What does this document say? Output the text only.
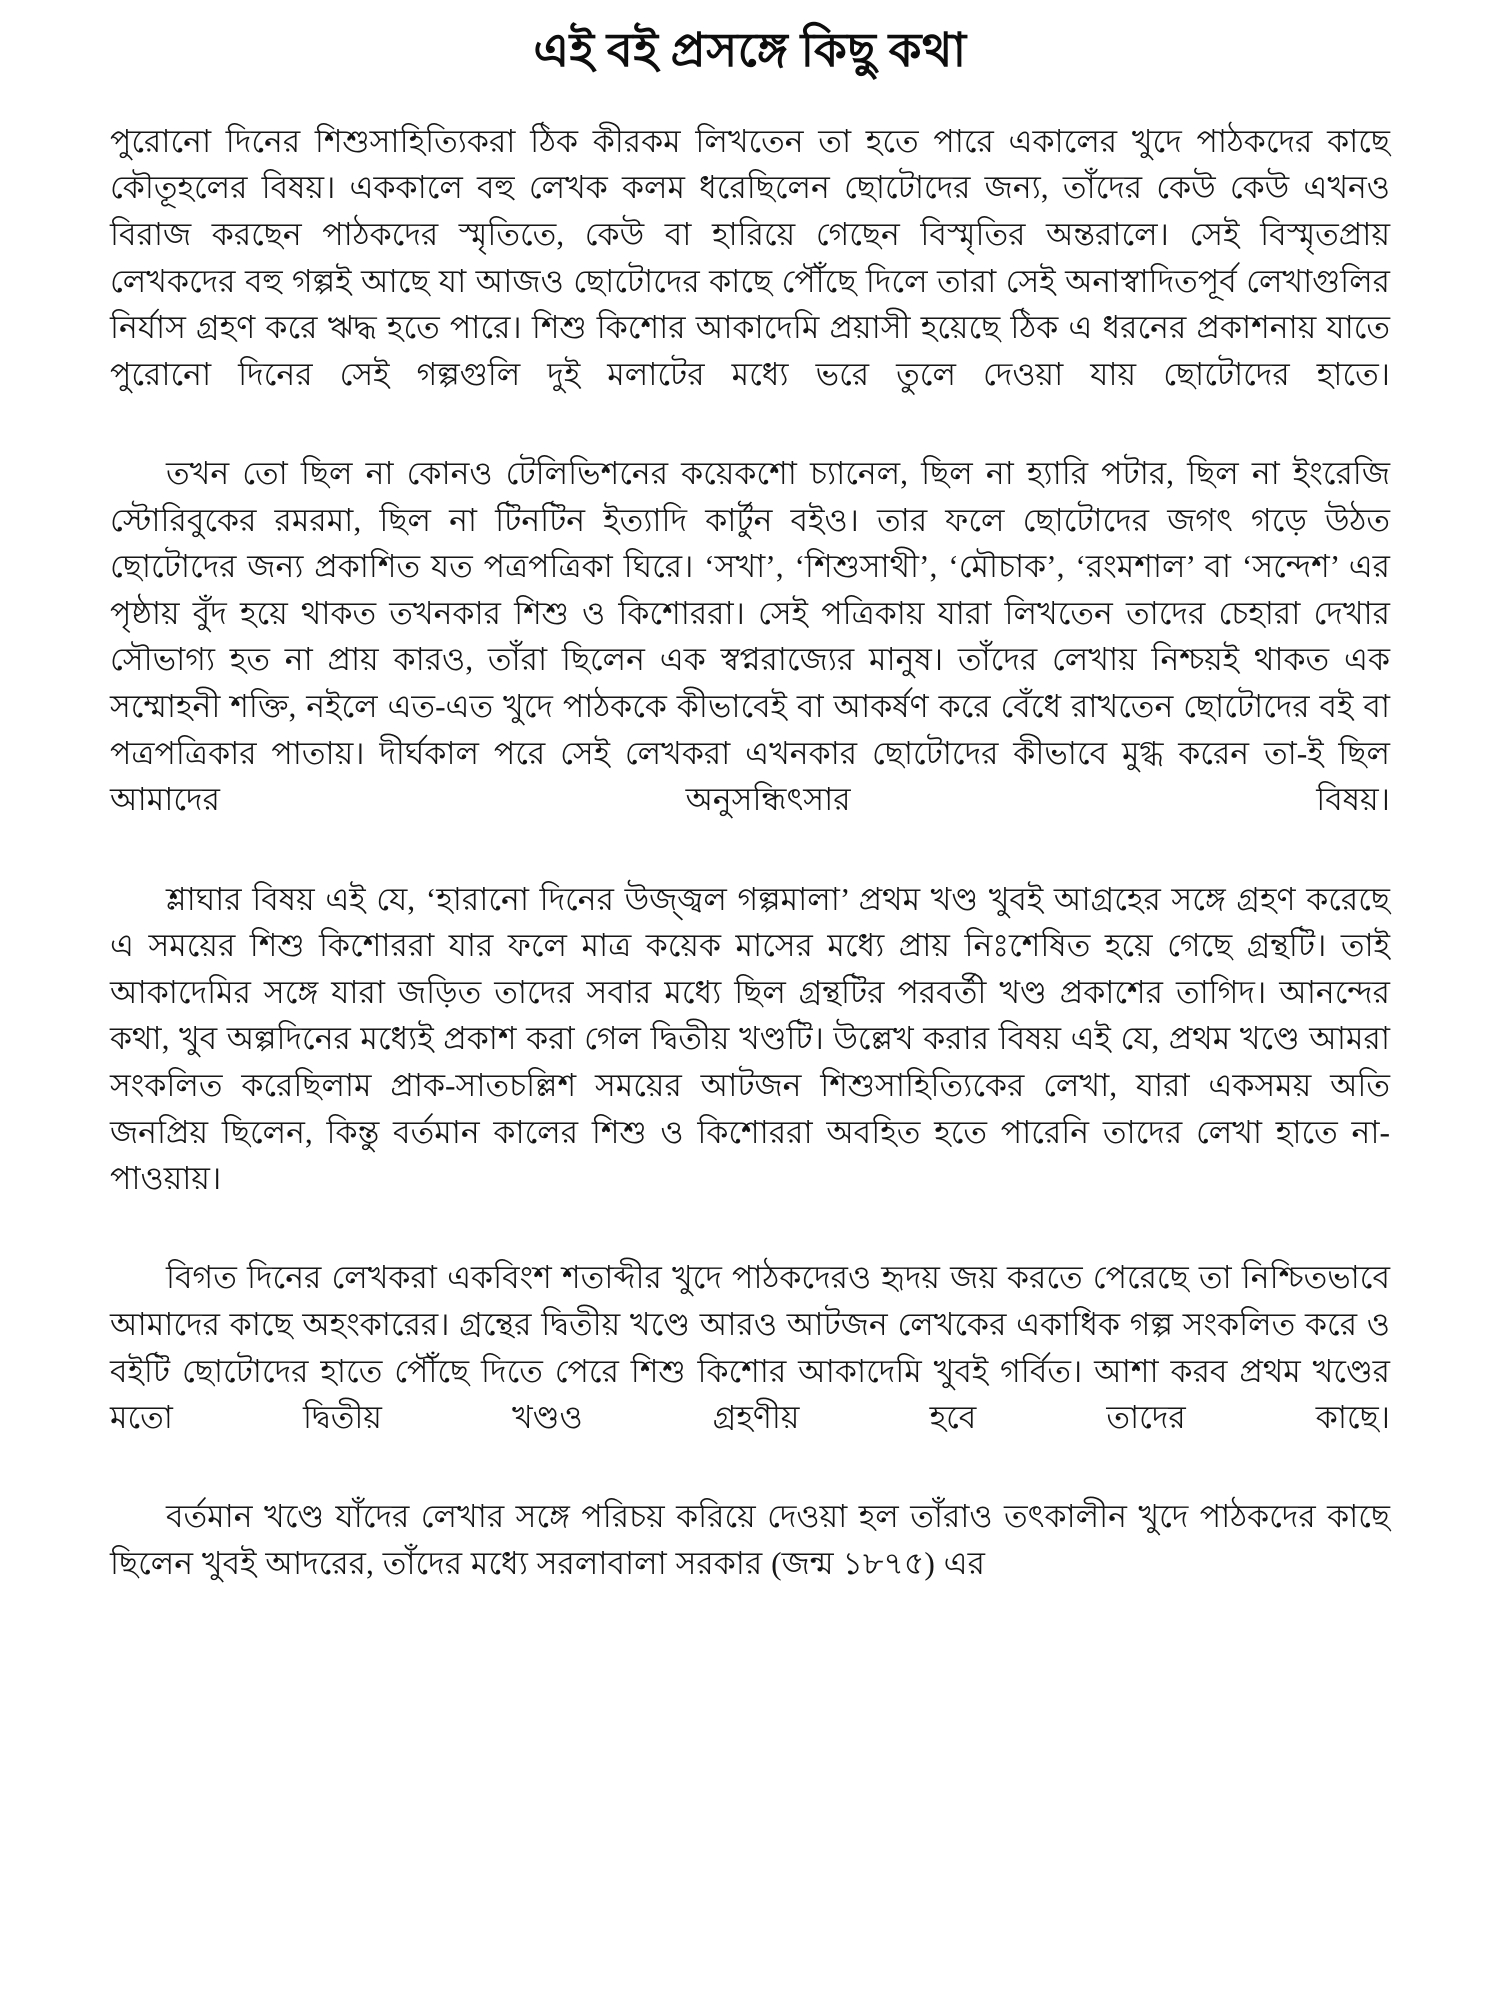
এই বই প্রসঙ্গে কিছু কথা

পুরোনো দিনের শিশুসাহিত্যিকরা ঠিক কীরকম লিখতেন তা হতে পারে একালের খুদে পাঠকদের কাছে কৌতূহলের বিষয়। এককালে বহু লেখক কলম ধরেছিলেন ছোটোদের জন্য, তাঁদের কেউ কেউ এখনও বিরাজ করছেন পাঠকদের স্মৃতিতে, কেউ বা হারিয়ে গেছেন বিস্মৃতির অন্তরালে। সেই বিস্মৃতপ্রায় লেখকদের বহু গল্পই আছে যা আজও ছোটোদের কাছে পৌঁছে দিলে তারা সেই অনাস্বাদিতপূর্ব লেখাগুলির নির্যাস গ্রহণ করে ঋদ্ধ হতে পারে। শিশু কিশোর আকাদেমি প্রয়াসী হয়েছে ঠিক এ ধরনের প্রকাশনায় যাতে পুরোনো দিনের সেই গল্পগুলি দুই মলাটের মধ্যে ভরে তুলে দেওয়া যায় ছোটোদের হাতে।

তখন তো ছিল না কোনও টেলিভিশনের কয়েকশো চ্যানেল, ছিল না হ্যারি পটার, ছিল না ইংরেজি স্টোরিবুকের রমরমা, ছিল না টিনটিন ইত্যাদি কার্টুন বইও। তার ফলে ছোটোদের জগৎ গড়ে উঠত ছোটোদের জন্য প্রকাশিত যত পত্রপত্রিকা ঘিরে। ‘সখা’, ‘শিশুসাথী’, ‘মৌচাক’, ‘রংমশাল’ বা ‘সন্দেশ’ এর পৃষ্ঠায় বুঁদ হয়ে থাকত তখনকার শিশু ও কিশোররা। সেই পত্রিকায় যারা লিখতেন তাদের চেহারা দেখার সৌভাগ্য হত না প্রায় কারও, তাঁরা ছিলেন এক স্বপ্নরাজ্যের মানুষ। তাঁদের লেখায় নিশ্চয়ই থাকত এক সম্মোহনী শক্তি, নইলে এত-এত খুদে পাঠককে কীভাবেই বা আকর্ষণ করে বেঁধে রাখতেন ছোটোদের বই বা পত্রপত্রিকার পাতায়। দীর্ঘকাল পরে সেই লেখকরা এখনকার ছোটোদের কীভাবে মুগ্ধ করেন তা-ই ছিল আমাদের অনুসন্ধিৎসার বিষয়।

শ্লাঘার বিষয় এই যে, ‘হারানো দিনের উজ্জ্বল গল্পমালা’ প্রথম খণ্ড খুবই আগ্রহের সঙ্গে গ্রহণ করেছে এ সময়ের শিশু কিশোররা যার ফলে মাত্র কয়েক মাসের মধ্যে প্রায় নিঃশেষিত হয়ে গেছে গ্রন্থটি। তাই আকাদেমির সঙ্গে যারা জড়িত তাদের সবার মধ্যে ছিল গ্রন্থটির পরবর্তী খণ্ড প্রকাশের তাগিদ। আনন্দের কথা, খুব অল্পদিনের মধ্যেই প্রকাশ করা গেল দ্বিতীয় খণ্ডটি। উল্লেখ করার বিষয় এই যে, প্রথম খণ্ডে আমরা সংকলিত করেছিলাম প্রাক-সাতচল্লিশ সময়ের আটজন শিশুসাহিত্যিকের লেখা, যারা একসময় অতি জনপ্রিয় ছিলেন, কিন্তু বর্তমান কালের শিশু ও কিশোররা অবহিত হতে পারেনি তাদের লেখা হাতে না-পাওয়ায়।

বিগত দিনের লেখকরা একবিংশ শতাব্দীর খুদে পাঠকদেরও হৃদয় জয় করতে পেরেছে তা নিশ্চিতভাবে আমাদের কাছে অহংকারের। গ্রন্থের দ্বিতীয় খণ্ডে আরও আটজন লেখকের একাধিক গল্প সংকলিত করে ও বইটি ছোটোদের হাতে পৌঁছে দিতে পেরে শিশু কিশোর আকাদেমি খুবই গর্বিত। আশা করব প্রথম খণ্ডের মতো দ্বিতীয় খণ্ডও গ্রহণীয় হবে তাদের কাছে।

বর্তমান খণ্ডে যাঁদের লেখার সঙ্গে পরিচয় করিয়ে দেওয়া হল তাঁরাও তৎকালীন খুদে পাঠকদের কাছে ছিলেন খুবই আদরের, তাঁদের মধ্যে সরলাবালা সরকার (জন্ম ১৮৭৫) এর
